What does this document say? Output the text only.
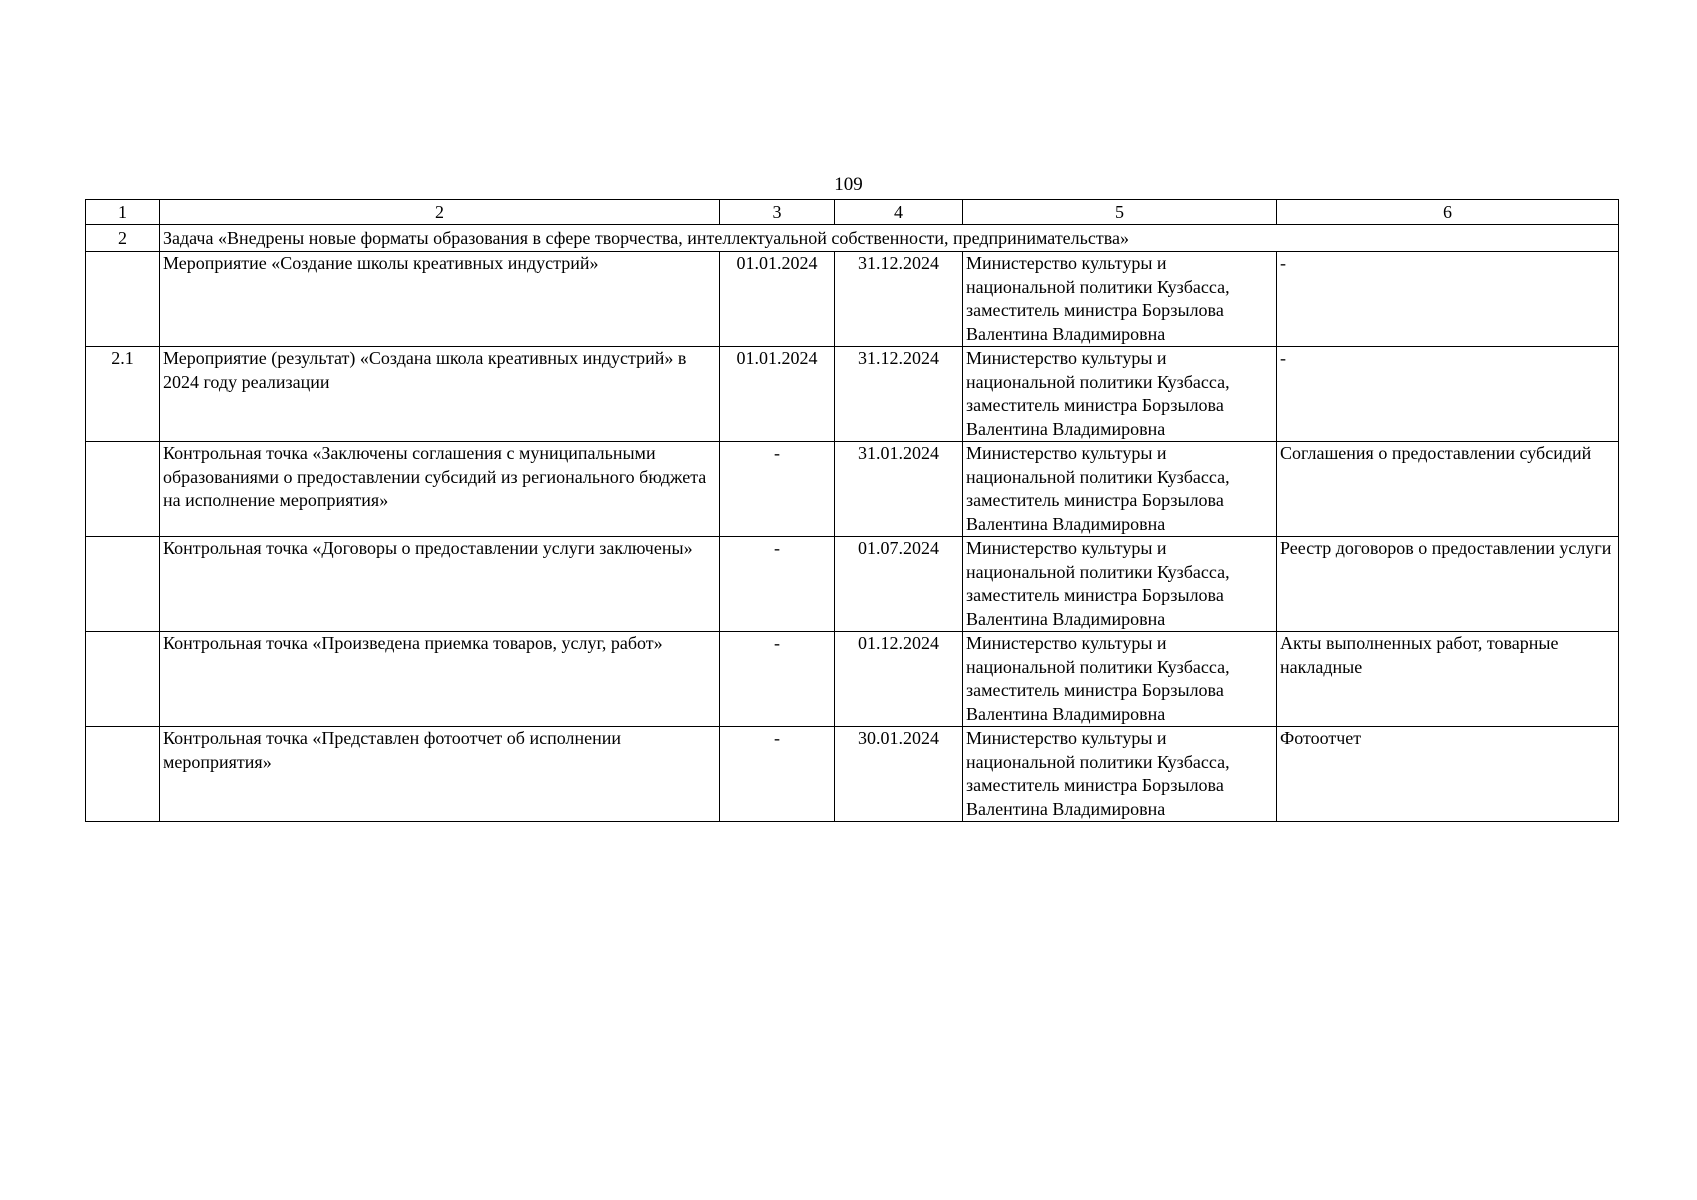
109
1	2	3	4	5	6
2	Задача «Внедрены новые форматы образования в сфере творчества, интеллектуальной собственности, предпринимательства»				
	Мероприятие «Создание школы креативных индустрий»	01.01.2024	31.12.2024	Министерство культуры и национальной политики Кузбасса, заместитель министра Борзылова Валентина Владимировна	-
2.1	Мероприятие (результат) «Создана школа креативных индустрий» в 2024 году реализации	01.01.2024	31.12.2024	Министерство культуры и национальной политики Кузбасса, заместитель министра Борзылова Валентина Владимировна	-
	Контрольная точка «Заключены соглашения с муниципальными образованиями о предоставлении субсидий из регионального бюджета на исполнение мероприятия»	-	31.01.2024	Министерство культуры и национальной политики Кузбасса, заместитель министра Борзылова Валентина Владимировна	Соглашения о предоставлении субсидий
	Контрольная точка «Договоры о предоставлении услуги заключены»	-	01.07.2024	Министерство культуры и национальной политики Кузбасса, заместитель министра Борзылова Валентина Владимировна	Реестр договоров о предоставлении услуги
	Контрольная точка «Произведена приемка товаров, услуг, работ»	-	01.12.2024	Министерство культуры и национальной политики Кузбасса, заместитель министра Борзылова Валентина Владимировна	Акты выполненных работ, товарные накладные
	Контрольная точка «Представлен фотоотчет об исполнении мероприятия»	-	30.01.2024	Министерство культуры и национальной политики Кузбасса, заместитель министра Борзылова Валентина Владимировна	Фотоотчет
